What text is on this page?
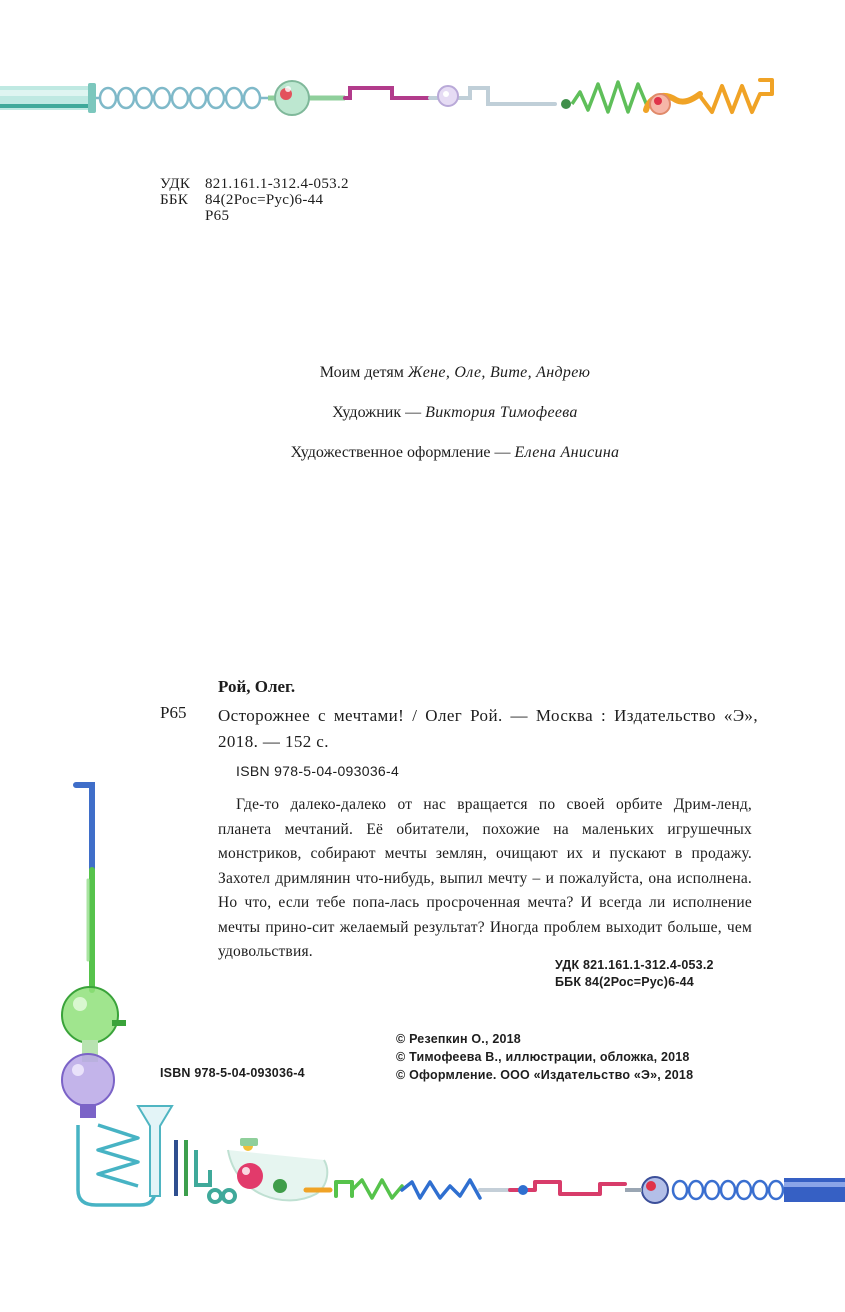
УДК 821.161.1-312.4-053.2
ББК 84(2Рос=Рус)6-44
Р65
Моим детям Жене, Оле, Вите, Андрею
Художник — Виктория Тимофеева
Художественное оформление — Елена Анисина
Рой, Олег.
Р65 Осторожнее с мечтами! / Олег Рой. — Москва : Издательство «Э», 2018. — 152 с.
ISBN 978-5-04-093036-4
Где-то далеко-далеко от нас вращается по своей орбите Дрим-ленд, планета мечтаний. Её обитатели, похожие на маленьких игрушечных монстриков, собирают мечты землян, очищают их и пускают в продажу. Захотел дримлянин что-нибудь, выпил мечту – и пожалуйста, она исполнена. Но что, если тебе попа-лась просроченная мечта? И всегда ли исполнение мечты прино-сит желаемый результат? Иногда проблем выходит больше, чем удовольствия.
УДК 821.161.1-312.4-053.2
ББК 84(2Рос=Рус)6-44
© Резепкин О., 2018
© Тимофеева В., иллюстрации, обложка, 2018
© Оформление. ООО «Издательство «Э», 2018
ISBN 978-5-04-093036-4
